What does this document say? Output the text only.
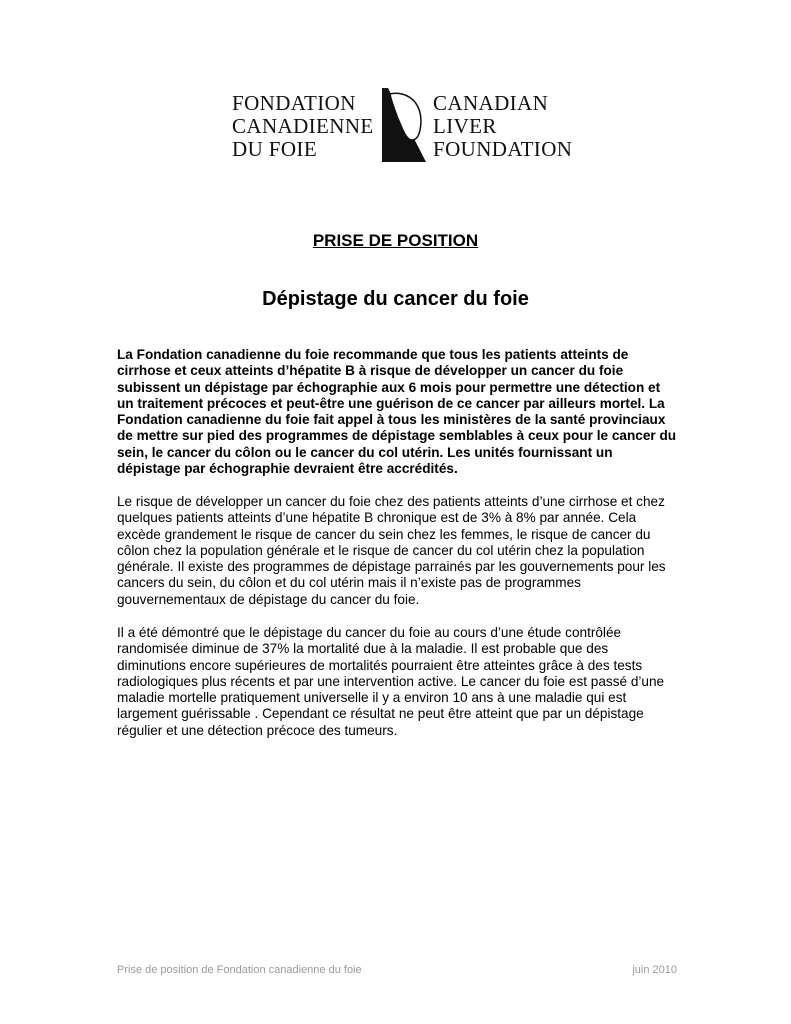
FONDATION
CANADIENNE
DU FOIE
CANADIAN
LIVER
FOUNDATION
PRISE DE POSITION
Dépistage du cancer du foie
La Fondation canadienne du foie recommande que tous les patients atteints de cirrhose et ceux atteints d’hépatite B à risque de développer un cancer du foie subissent un dépistage par échographie aux 6 mois pour permettre une détection et un traitement précoces et peut-être une guérison de ce cancer par ailleurs mortel. La Fondation canadienne du foie fait appel à tous les ministères de la santé provinciaux de mettre sur pied des programmes de dépistage semblables à ceux pour le cancer du sein, le cancer du côlon ou le cancer du col utérin. Les unités fournissant un dépistage par échographie devraient être accrédités.
Le risque de développer un cancer du foie chez des patients atteints d’une cirrhose et chez quelques patients atteints d’une hépatite B chronique est de 3% à 8% par année. Cela excède grandement le risque de cancer du sein chez les femmes, le risque de cancer du côlon chez la population générale et le risque de cancer du col utérin chez la population générale. Il existe des programmes de dépistage parrainés par les gouvernements pour les cancers du sein, du côlon et du col utérin mais il n’existe pas de programmes gouvernementaux de dépistage du cancer du foie.
Il a été démontré que le dépistage du cancer du foie au cours d’une étude contrôlée randomisée diminue de 37% la mortalité due à la maladie. Il est probable que des diminutions encore supérieures de mortalités pourraient être atteintes grâce à des tests radiologiques plus récents et par une intervention active. Le cancer du foie est passé d’une maladie mortelle pratiquement universelle il y a environ 10 ans à une maladie qui est largement guérissable . Cependant ce résultat ne peut être atteint que par un dépistage régulier et une détection précoce des tumeurs.
Prise de position de Fondation canadienne du foie	juin 2010
